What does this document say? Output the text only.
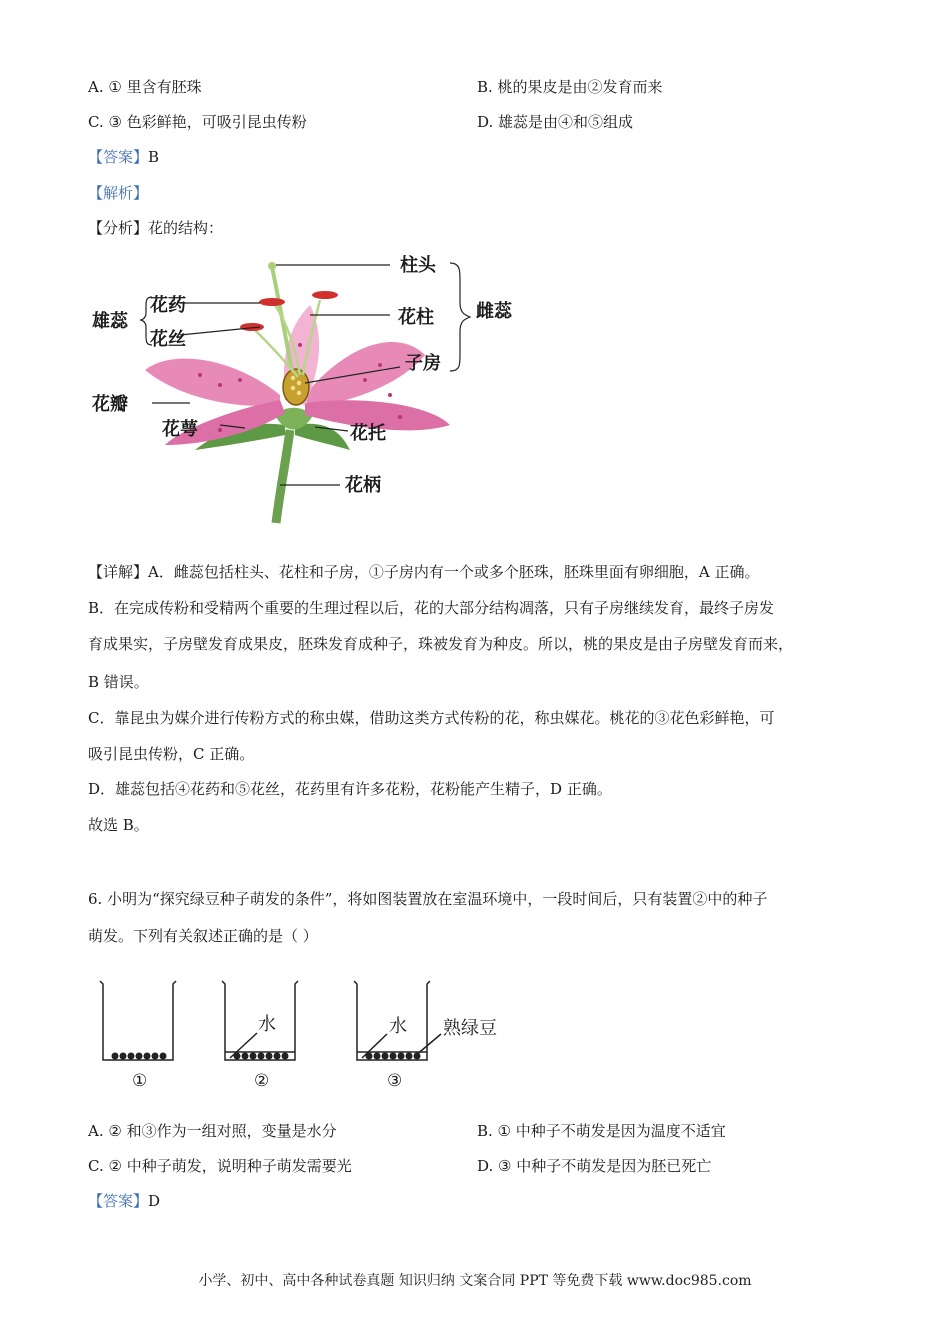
A. ① 里含有胚珠	B. 桃的果皮是由②发育而来
C. ③ 色彩鲜艳，可吸引昆虫传粉	D. 雄蕊是由④和⑤组成
【答案】B
【解析】
【分析】花的结构：
柱头
花药
花柱 雌蕊
雄蕊
花丝
子房
花瓣
花萼	花托
花柄
【详解】A．雌蕊包括柱头、花柱和子房，①子房内有一个或多个胚珠，胚珠里面有卵细胞，A 正确。
B．在完成传粉和受精两个重要的生理过程以后，花的大部分结构凋落，只有子房继续发育，最终子房发
育成果实，子房壁发育成果皮，胚珠发育成种子，珠被发育为种皮。所以，桃的果皮是由子房壁发育而来，
B 错误。
C．靠昆虫为媒介进行传粉方式的称虫媒，借助这类方式传粉的花，称虫媒花。桃花的③花色彩鲜艳，可
吸引昆虫传粉，C 正确。
D．雄蕊包括④花药和⑤花丝，花药里有许多花粉，花粉能产生精子，D 正确。
故选 B。
6. 小明为“探究绿豆种子萌发的条件”，将如图装置放在室温环境中，一段时间后，只有装置②中的种子
萌发。下列有关叙述正确的是（ ）
水	水 熟绿豆
①	②	③
A. ② 和③作为一组对照，变量是水分	B. ① 中种子不萌发是因为温度不适宜
C. ② 中种子萌发，说明种子萌发需要光	D. ③ 中种子不萌发是因为胚已死亡
【答案】D
小学、初中、高中各种试卷真题 知识归纳 文案合同 PPT 等免费下载 www.doc985.com
